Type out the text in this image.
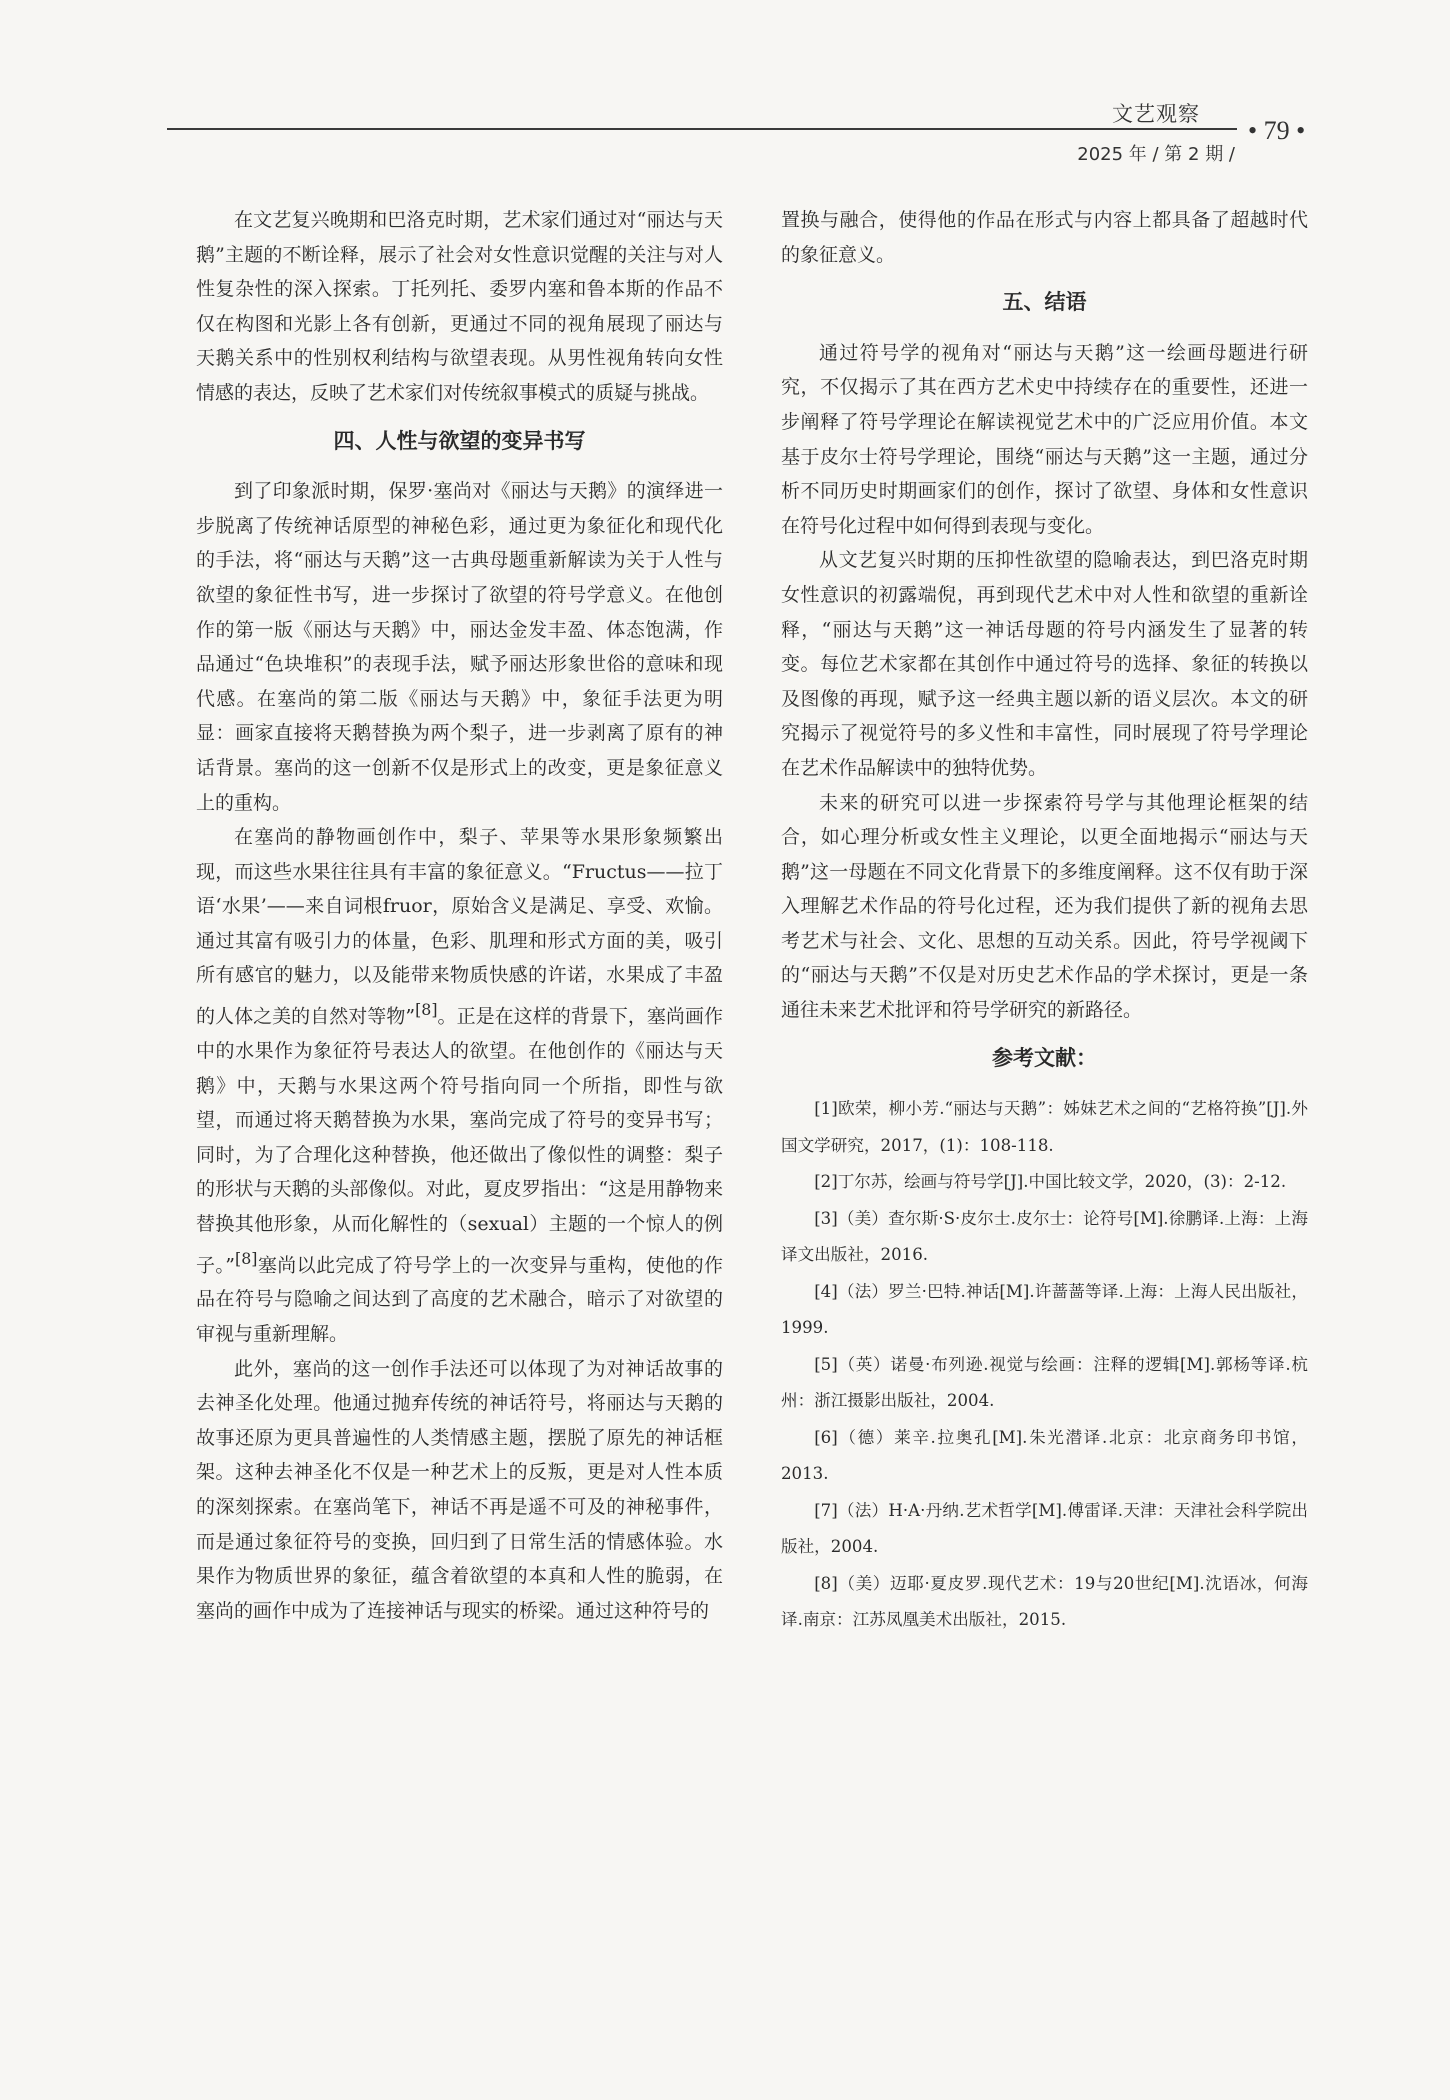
文艺观察
2025 年 / 第 2 期 /
• 79 •

在文艺复兴晚期和巴洛克时期，艺术家们通过对“丽达与天鹅”主题的不断诠释，展示了社会对女性意识觉醒的关注与对人性复杂性的深入探索。丁托列托、委罗内塞和鲁本斯的作品不仅在构图和光影上各有创新，更通过不同的视角展现了丽达与天鹅关系中的性别权利结构与欲望表现。从男性视角转向女性情感的表达，反映了艺术家们对传统叙事模式的质疑与挑战。

四、人性与欲望的变异书写

到了印象派时期，保罗·塞尚对《丽达与天鹅》的演绎进一步脱离了传统神话原型的神秘色彩，通过更为象征化和现代化的手法，将“丽达与天鹅”这一古典母题重新解读为关于人性与欲望的象征性书写，进一步探讨了欲望的符号学意义。在他创作的第一版《丽达与天鹅》中，丽达金发丰盈、体态饱满，作品通过“色块堆积”的表现手法，赋予丽达形象世俗的意味和现代感。在塞尚的第二版《丽达与天鹅》中，象征手法更为明显：画家直接将天鹅替换为两个梨子，进一步剥离了原有的神话背景。塞尚的这一创新不仅是形式上的改变，更是象征意义上的重构。

在塞尚的静物画创作中，梨子、苹果等水果形象频繁出现，而这些水果往往具有丰富的象征意义。“Fructus——拉丁语‘水果’——来自词根fruor，原始含义是满足、享受、欢愉。通过其富有吸引力的体量，色彩、肌理和形式方面的美，吸引所有感官的魅力，以及能带来物质快感的许诺，水果成了丰盈的人体之美的自然对等物”[8]。正是在这样的背景下，塞尚画作中的水果作为象征符号表达人的欲望。在他创作的《丽达与天鹅》中，天鹅与水果这两个符号指向同一个所指，即性与欲望，而通过将天鹅替换为水果，塞尚完成了符号的变异书写；同时，为了合理化这种替换，他还做出了像似性的调整：梨子的形状与天鹅的头部像似。对此，夏皮罗指出：“这是用静物来替换其他形象，从而化解性的（sexual）主题的一个惊人的例子。”[8]塞尚以此完成了符号学上的一次变异与重构，使他的作品在符号与隐喻之间达到了高度的艺术融合，暗示了对欲望的审视与重新理解。

此外，塞尚的这一创作手法还可以体现了为对神话故事的去神圣化处理。他通过抛弃传统的神话符号，将丽达与天鹅的故事还原为更具普遍性的人类情感主题，摆脱了原先的神话框架。这种去神圣化不仅是一种艺术上的反叛，更是对人性本质的深刻探索。在塞尚笔下，神话不再是遥不可及的神秘事件，而是通过象征符号的变换，回归到了日常生活的情感体验。水果作为物质世界的象征，蕴含着欲望的本真和人性的脆弱，在塞尚的画作中成为了连接神话与现实的桥梁。通过这种符号的

置换与融合，使得他的作品在形式与内容上都具备了超越时代的象征意义。

五、结语

通过符号学的视角对“丽达与天鹅”这一绘画母题进行研究，不仅揭示了其在西方艺术史中持续存在的重要性，还进一步阐释了符号学理论在解读视觉艺术中的广泛应用价值。本文基于皮尔士符号学理论，围绕“丽达与天鹅”这一主题，通过分析不同历史时期画家们的创作，探讨了欲望、身体和女性意识在符号化过程中如何得到表现与变化。

从文艺复兴时期的压抑性欲望的隐喻表达，到巴洛克时期女性意识的初露端倪，再到现代艺术中对人性和欲望的重新诠释，“丽达与天鹅”这一神话母题的符号内涵发生了显著的转变。每位艺术家都在其创作中通过符号的选择、象征的转换以及图像的再现，赋予这一经典主题以新的语义层次。本文的研究揭示了视觉符号的多义性和丰富性，同时展现了符号学理论在艺术作品解读中的独特优势。

未来的研究可以进一步探索符号学与其他理论框架的结合，如心理分析或女性主义理论，以更全面地揭示“丽达与天鹅”这一母题在不同文化背景下的多维度阐释。这不仅有助于深入理解艺术作品的符号化过程，还为我们提供了新的视角去思考艺术与社会、文化、思想的互动关系。因此，符号学视阈下的“丽达与天鹅”不仅是对历史艺术作品的学术探讨，更是一条通往未来艺术批评和符号学研究的新路径。

参考文献：

[1]欧荣，柳小芳.“丽达与天鹅”：姊妹艺术之间的“艺格符换”[J].外国文学研究，2017，(1)：108-118.

[2]丁尔苏，绘画与符号学[J].中国比较文学，2020，(3)：2-12.

[3]（美）查尔斯·S·皮尔士.皮尔士：论符号[M].徐鹏译.上海：上海译文出版社，2016.

[4]（法）罗兰·巴特.神话[M].许蔷蔷等译.上海：上海人民出版社，1999.

[5]（英）诺曼·布列逊.视觉与绘画：注释的逻辑[M].郭杨等译.杭州：浙江摄影出版社，2004.

[6]（德）莱辛.拉奥孔[M].朱光潜译.北京：北京商务印书馆，2013.

[7]（法）H·A·丹纳.艺术哲学[M].傅雷译.天津：天津社会科学院出版社，2004.

[8]（美）迈耶·夏皮罗.现代艺术：19与20世纪[M].沈语冰，何海译.南京：江苏凤凰美术出版社，2015.
